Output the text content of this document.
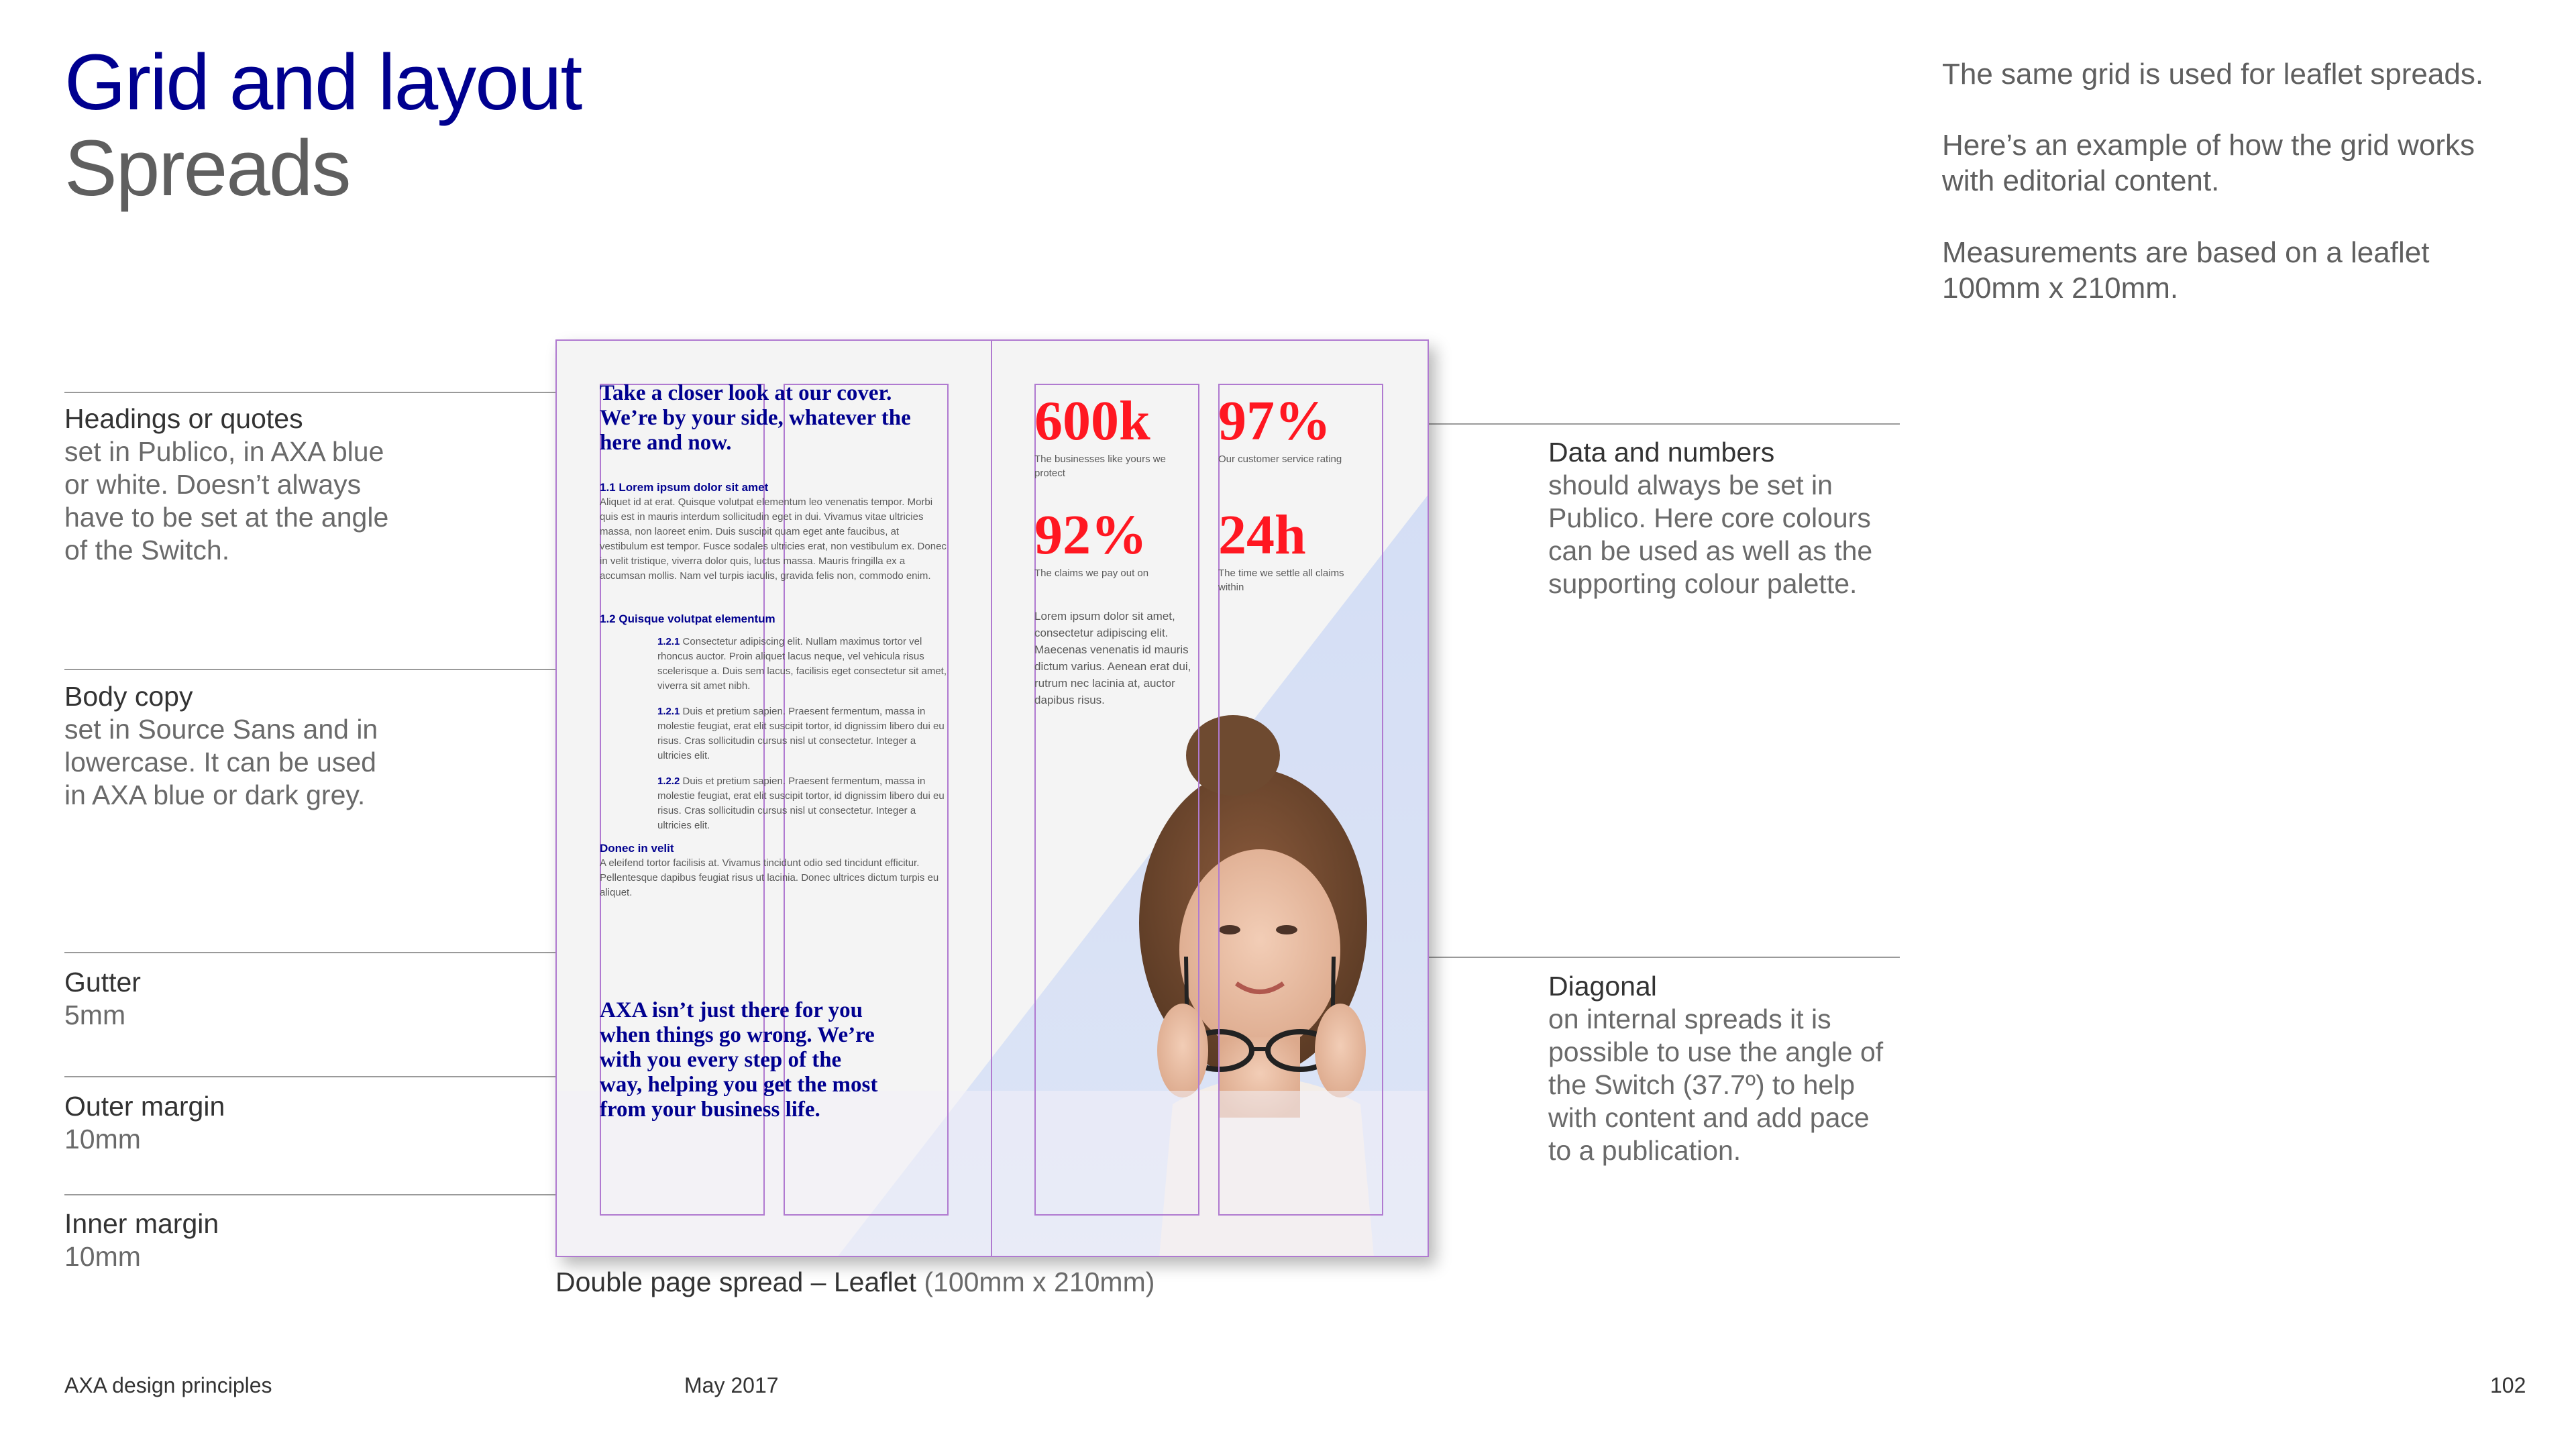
Grid and layout
Spreads
The same grid is used for leaflet spreads.
Here’s an example of how the grid works with editorial content.
Measurements are based on a leaflet 100mm x 210mm.
Headings or quotes
set in Publico, in AXA blue or white. Doesn’t always have to be set at the angle of the Switch.
Body copy
set in Source Sans and in lowercase. It can be used in AXA blue or dark grey.
Gutter
5mm
Outer margin
10mm
Inner margin
10mm
Data and numbers
should always be set in Publico. Here core colours can be used as well as the supporting colour palette.
Diagonal
on internal spreads it is possible to use the angle of the Switch (37.7º) to help with content and add pace to a publication.
Take a closer look at our cover. We’re by your side, whatever the here and now.
1.1 Lorem ipsum dolor sit amet
Aliquet id at erat. Quisque volutpat elementum leo venenatis tempor. Morbi quis est in mauris interdum sollicitudin eget in dui. Vivamus vitae ultricies massa, non laoreet enim. Duis suscipit quam eget ante faucibus, at vestibulum est tempor. Fusce sodales ultricies erat, non vestibulum ex. Donec in velit tristique, viverra dolor quis, luctus massa. Mauris fringilla ex a accumsan mollis. Nam vel turpis iaculis, gravida felis non, commodo enim.
1.2 Quisque volutpat elementum
1.2.1 Consectetur adipiscing elit. Nullam maximus tortor vel rhoncus auctor. Proin aliquet lacus neque, vel vehicula risus scelerisque a. Duis sem lacus, facilisis eget consectetur sit amet, viverra sit amet nibh.
1.2.1 Duis et pretium sapien. Praesent fermentum, massa in molestie feugiat, erat elit suscipit tortor, id dignissim libero dui eu risus. Cras sollicitudin cursus nisl ut consectetur. Integer a ultricies elit.
1.2.2 Duis et pretium sapien. Praesent fermentum, massa in molestie feugiat, erat elit suscipit tortor, id dignissim libero dui eu risus. Cras sollicitudin cursus nisl ut consectetur. Integer a ultricies elit.
Donec in velit
A eleifend tortor facilisis at. Vivamus tincidunt odio sed tincidunt efficitur. Pellentesque dapibus feugiat risus ut lacinia. Donec ultrices dictum turpis eu aliquet.
AXA isn’t just there for you when things go wrong. We’re with you every step of the way, helping you get the most from your business life.
600k
The businesses like yours we protect
97%
Our customer service rating
92%
The claims we pay out on
24h
The time we settle all claims within
Lorem ipsum dolor sit amet, consectetur adipiscing elit. Maecenas venenatis id mauris dictum varius. Aenean erat dui, rutrum nec lacinia at, auctor dapibus risus.
Double page spread – Leaflet (100mm x 210mm)
AXA design principles	May 2017	102
